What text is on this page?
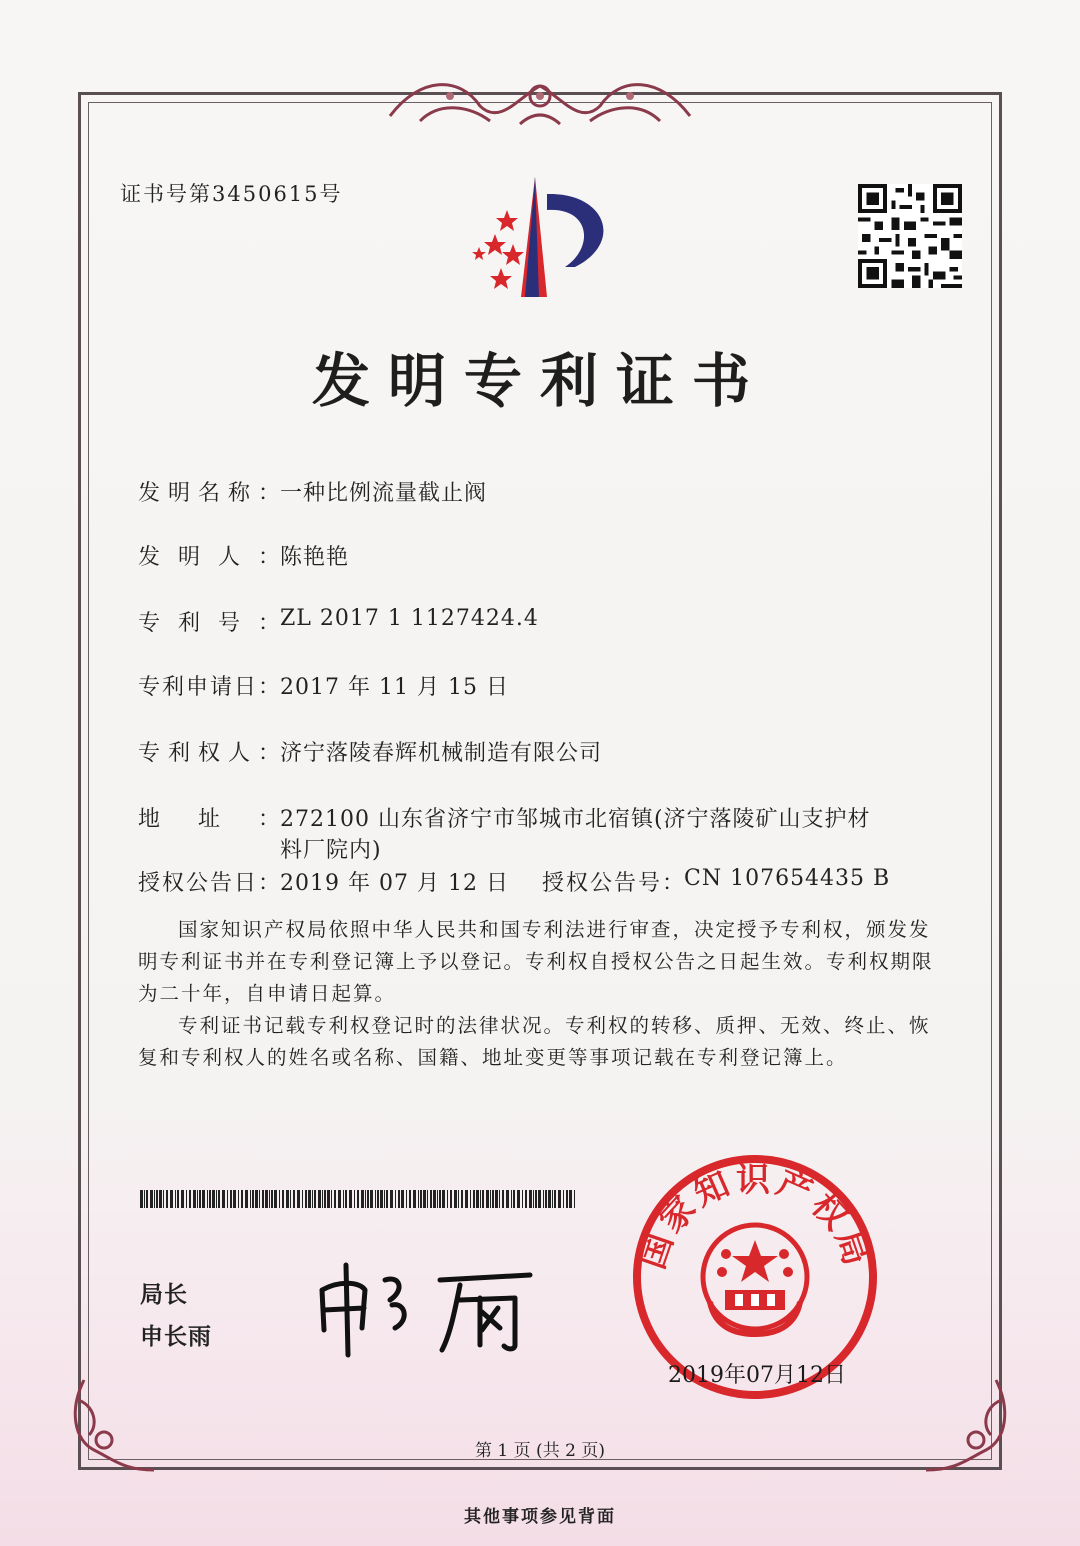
证书号第3450615号
发明专利证书
发明名称：一种比例流量截止阀
发明人：陈艳艳
专利号：ZL 2017 1 1127424.4
专利申请日：2017 年 11 月 15 日
专利权人：济宁落陵春辉机械制造有限公司
地址：272100 山东省济宁市邹城市北宿镇(济宁落陵矿山支护材
料厂院内)
授权公告日：2019 年 07 月 12 日 授权公告号：CN 107654435 B
国家知识产权局依照中华人民共和国专利法进行审查，决定授予专利权，颁发发明专利证书并在专利登记簿上予以登记。专利权自授权公告之日起生效。专利权期限为二十年，自申请日起算。
专利证书记载专利权登记时的法律状况。专利权的转移、质押、无效、终止、恢复和专利权人的姓名或名称、国籍、地址变更等事项记载在专利登记簿上。
局长
申长雨
国家知识产权局
2019年07月12日
第 1 页 (共 2 页)
其他事项参见背面
